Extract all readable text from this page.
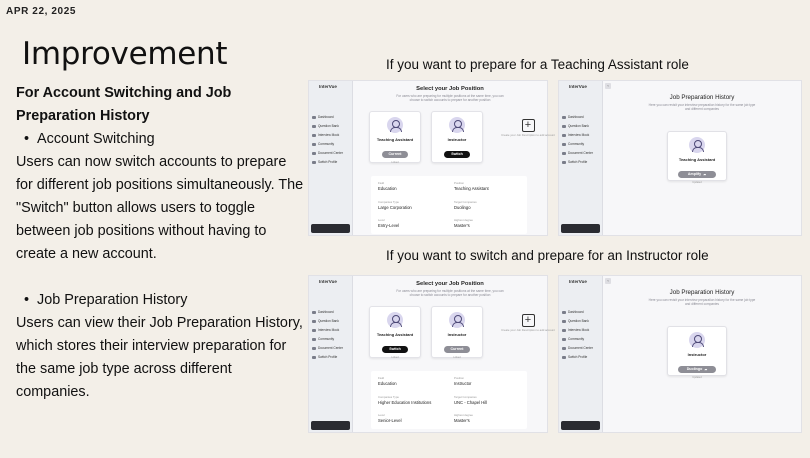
APR 22, 2025
Improvement
For Account Switching and Job Preparation History
• Account Switching
Users can now switch accounts to prepare for different job positions simultaneously. The "Switch" button allows users to toggle between job positions without having to create a new account.
• Job Preparation History
Users can view their Job Preparation History, which stores their interview preparation for the same job type across different companies.
If you want to prepare for a Teaching Assistant role
If you want to switch and prepare for an Instructor role
InterVue
Dashboard
Question Bank
Interview Mock
Community
Document Center
Switch Profile
Select your Job Position
For users who are preparing for multiple positions at the same time, you can choose to switch accounts to prepare for another position
Teaching Assistant
Current
Linked
Instructor
Switch
+
Create your Job Description to add account
Field
Education
Position
Teaching Assistant
Companies Type
Large Corporation
Target Companies
Duolingo
Level
Entry-Level
Highest degree
Master's
InterVue
Dashboard
Question Bank
Interview Mock
Community
Document Center
Switch Profile
‹
Job Preparation History
Here you can revisit your interview preparation history for the same job type and different companies
Teaching Assistant
Amplify ☁
Updated
InterVue
Dashboard
Question Bank
Interview Mock
Community
Document Center
Switch Profile
Select your Job Position
For users who are preparing for multiple positions at the same time, you can choose to switch accounts to prepare for another position
Teaching Assistant
Switch
Linked
Instructor
Current
Linked
+
Create your Job Description to add account
Field
Education
Position
Instructor
Companies Type
Higher Education Institutions
Target Companies
UNC - Chapel Hill
Level
Senior-Level
Highest degree
Master's
InterVue
Dashboard
Question Bank
Interview Mock
Community
Document Center
Switch Profile
‹
Job Preparation History
Here you can revisit your interview preparation history for the same job type and different companies
Instructor
Duolingo ☁
Updated
